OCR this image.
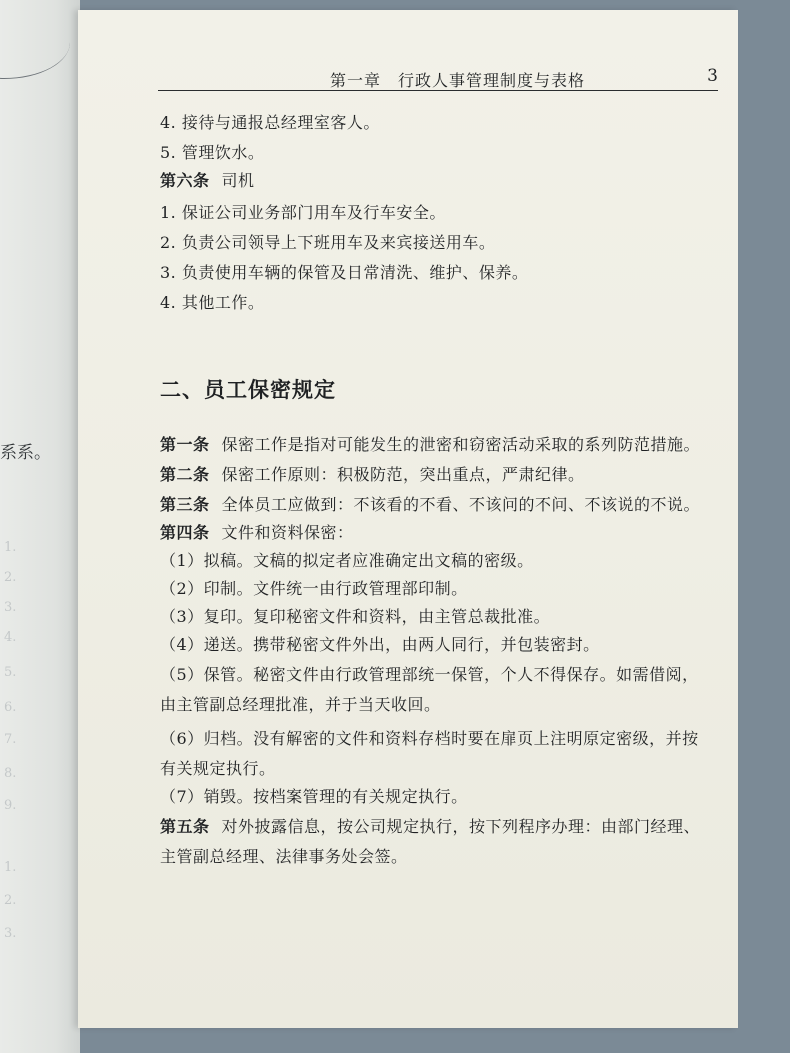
系系。
1.
2.
3.
4.
5.
6.
7.
8.
9.
1.
2.
3.
第一章　行政人事管理制度与表格	3
4. 接待与通报总经理室客人。
5. 管理饮水。
第六条 司机
1. 保证公司业务部门用车及行车安全。
2. 负责公司领导上下班用车及来宾接送用车。
3. 负责使用车辆的保管及日常清洗、维护、保养。
4. 其他工作。
二、员工保密规定
第一条 保密工作是指对可能发生的泄密和窃密活动采取的系列防范措施。
第二条 保密工作原则：积极防范，突出重点，严肃纪律。
第三条 全体员工应做到：不该看的不看、不该问的不问、不该说的不说。
第四条 文件和资料保密：
（1）拟稿。文稿的拟定者应准确定出文稿的密级。
（2）印制。文件统一由行政管理部印制。
（3）复印。复印秘密文件和资料，由主管总裁批准。
（4）递送。携带秘密文件外出，由两人同行，并包装密封。
（5）保管。秘密文件由行政管理部统一保管，个人不得保存。如需借阅，
由主管副总经理批准，并于当天收回。
（6）归档。没有解密的文件和资料存档时要在扉页上注明原定密级，并按
有关规定执行。
（7）销毁。按档案管理的有关规定执行。
第五条 对外披露信息，按公司规定执行，按下列程序办理：由部门经理、
主管副总经理、法律事务处会签。
